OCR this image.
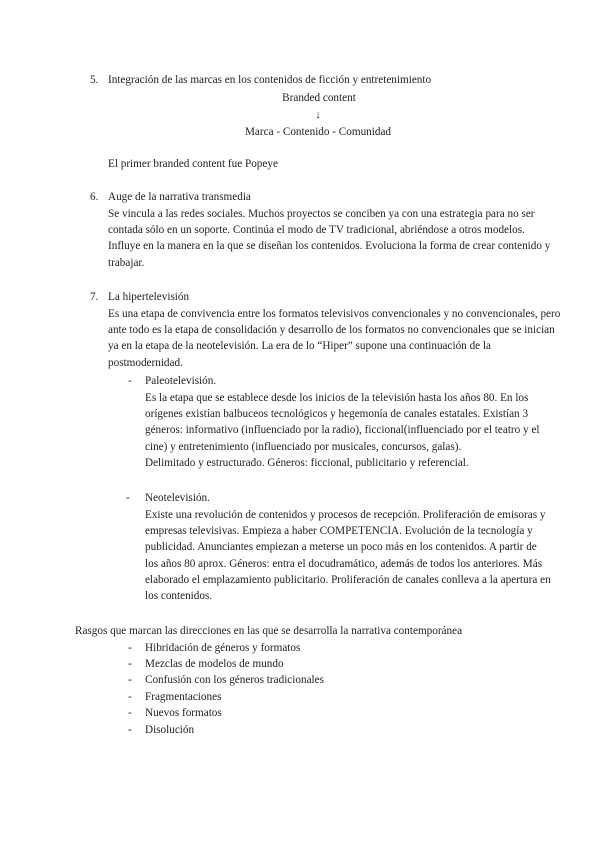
5. Integración de las marcas en los contenidos de ficción y entretenimiento
Branded content
↓
Marca - Contenido - Comunidad
El primer branded content fue Popeye
6. Auge de la narrativa transmedia
Se vincula a las redes sociales. Muchos proyectos se conciben ya con una estrategia para no ser
contada sólo en un soporte. Continúa el modo de TV tradicional, abriéndose a otros modelos.
Influye en la manera en la que se diseñan los contenidos. Evoluciona la forma de crear contenido y
trabajar.
7. La hipertelevisión
Es una etapa de convivencia entre los formatos televisivos convencionales y no convencionales, pero
ante todo es la etapa de consolidación y desarrollo de los formatos no convencionales que se inician
ya en la etapa de la neotelevisión. La era de lo “Hiper” supone una continuación de la
postmodernidad.
- Paleotelevisión.
Es la etapa que se establece desde los inicios de la televisión hasta los años 80. En los
orígenes existían balbuceos tecnológicos y hegemonía de canales estatales. Existían 3
géneros: informativo (influenciado por la radio), ficcional(influenciado por el teatro y el
cine) y entretenimiento (influenciado por musicales, concursos, galas).
Delimitado y estructurado. Géneros: ficcional, publicitario y referencial.
- Neotelevisión.
Existe una revolución de contenidos y procesos de recepción. Proliferación de emisoras y
empresas televisivas. Empieza a haber COMPETENCIA. Evolución de la tecnología y
publicidad. Anunciantes empiezan a meterse un poco más en los contenidos. A partir de
los años 80 aprox. Géneros: entra el docudramático, además de todos los anteriores. Más
elaborado el emplazamiento publicitario. Proliferación de canales conlleva a la apertura en
los contenidos.
Rasgos que marcan las direcciones en las que se desarrolla la narrativa contemporánea
- Hibridación de géneros y formatos
- Mezclas de modelos de mundo
- Confusión con los géneros tradicionales
- Fragmentaciones
- Nuevos formatos
- Disolución
